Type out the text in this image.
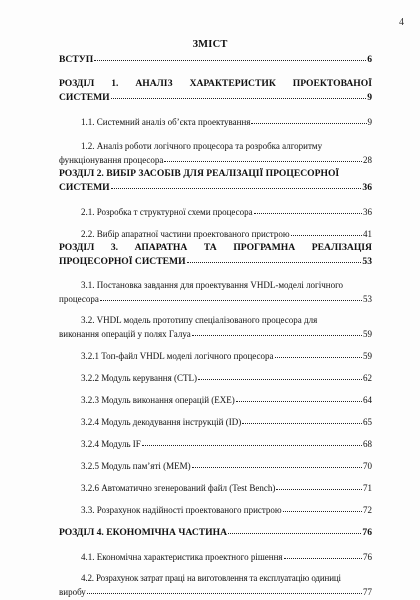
4
ЗМІСТ
ВСТУП	6
РОЗДІЛ 1. АНАЛІЗ ХАРАКТЕРИСТИК ПРОЕКТОВАНОЇ
СИСТЕМИ	9
1.1. Системний аналіз об’єкта проектування	9
1.2. Аналіз роботи логічного процесора та розробка алгоритму
функціонування процесора	28
РОЗДІЛ 2. ВИБІР ЗАСОБІВ ДЛЯ РЕАЛІЗАЦІЇ ПРОЦЕСОРНОЇ
СИСТЕМИ	36
2.1. Розробка т структурної схеми процесора	36
2.2. Вибір апаратної частини проектованого пристрою	41
РОЗДІЛ 3. АПАРАТНА ТА ПРОГРАМНА РЕАЛІЗАЦІЯ
ПРОЦЕСОРНОЇ СИСТЕМИ	53
3.1. Постановка завдання для проектування VHDL-моделі логічного
процесора	53
3.2. VHDL модель прототипу спеціалізованого процесора для
виконання операцій у полях Галуа	59
3.2.1 Топ-файл VHDL моделі логічного процесора	59
3.2.2 Модуль керування (CTL)	62
3.2.3 Модуль виконання операцій (EXE)	64
3.2.4 Модуль декодування інструкцій (ID)	65
3.2.4 Модуль IF	68
3.2.5 Модуль пам’яті (MEM)	70
3.2.6 Автоматично згенерований файл (Test Bench)	71
3.3. Розрахунок надійності проектованого пристрою	72
РОЗДІЛ 4. ЕКОНОМІЧНА ЧАСТИНА	76
4.1. Економічна характеристика проектного рішення	76
4.2. Розрахунок затрат праці на виготовлення та експлуатацію одиниці
виробу	77
